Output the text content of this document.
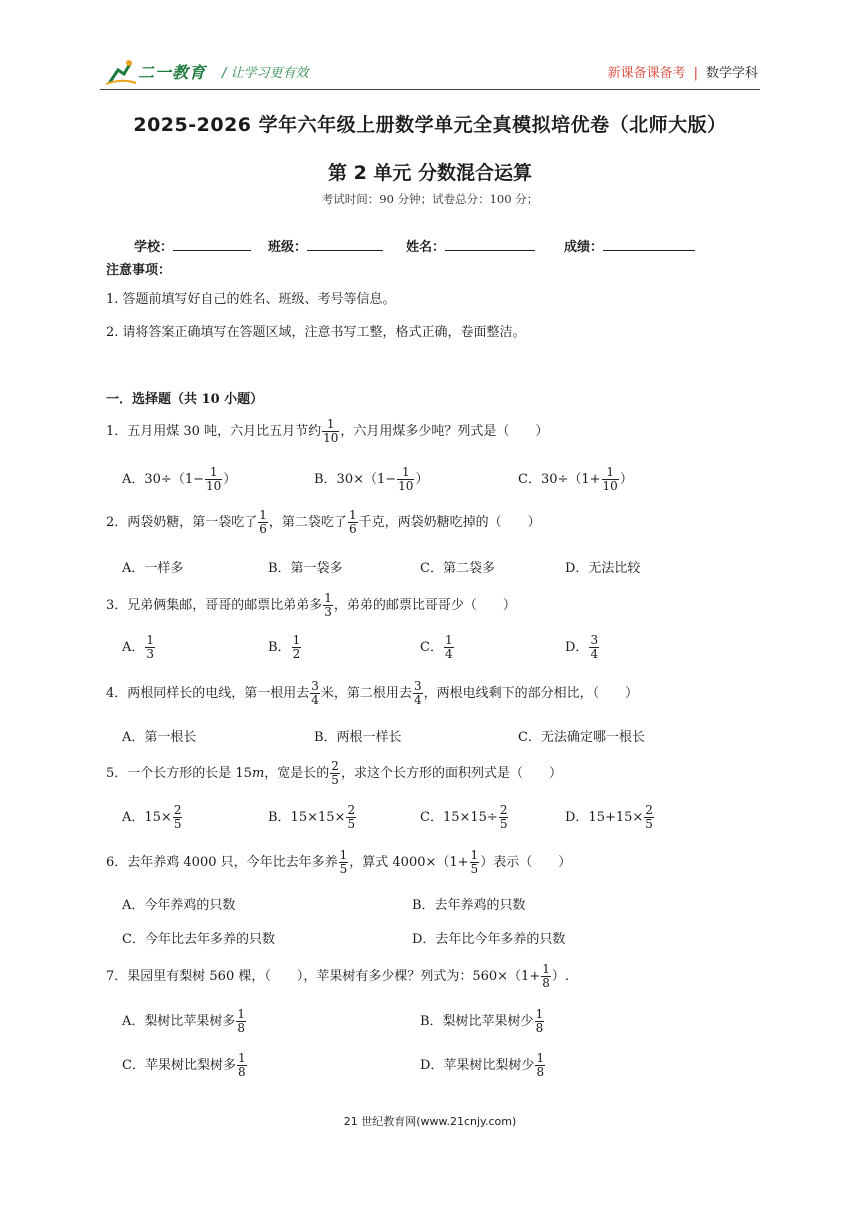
二一教育 / 让学习更有效	新课备课备考 | 数学学科
2025-2026 学年六年级上册数学单元全真模拟培优卷（北师大版）
第 2 单元 分数混合运算
考试时间：90 分钟；试卷总分：100 分；
学校：	班级：	姓名：	成绩：
注意事项：
1. 答题前填写好自己的姓名、班级、考号等信息。
2. 请将答案正确填写在答题区域，注意书写工整，格式正确，卷面整洁。
一．选择题（共 10 小题）
1．五月用煤 30 吨，六月比五月节约 $\frac{1}{10}$ ，六月用煤多少吨？列式是（　　）
A．$30\div(1- \frac{1}{10}$ ）	B．$30\times(1- \frac{1}{10}$ ）	C．$30\div(1+ \frac{1}{10}$ ）
2．两袋奶糖，第一袋吃了 $\frac{1}{6}$ ，第二袋吃了 $\frac{1}{6}$ 千克，两袋奶糖吃掉的（　　）
A．一样多	B．第一袋多	C．第二袋多	D．无法比较
3．兄弟俩集邮，哥哥的邮票比弟弟多 $\frac{1}{3}$ ，弟弟的邮票比哥哥少（　　）
A． $\frac{1}{3}$	B． $\frac{1}{2}$	C． $\frac{1}{4}$	D． $\frac{3}{4}$
4．两根同样长的电线，第一根用去 $\frac{3}{4}$ 米，第二根用去 $\frac{3}{4}$ ，两根电线剩下的部分相比，（　　）
A．第一根长	B．两根一样长	C．无法确定哪一根长
5．一个长方形的长是 15m，宽是长的 $\frac{2}{5}$ ，求这个长方形的面积列式是（　　）
A．$15\times \frac{2}{5}$	B．$15\times 15\times \frac{2}{5}$	C．$15\times 15\div \frac{2}{5}$	D．$15+15\times \frac{2}{5}$
6．去年养鸡 4000 只，今年比去年多养 $\frac{1}{5}$ ，算式 $4000\times(1+ \frac{1}{5}$ ）表示（　　）
A．今年养鸡的只数	B．去年养鸡的只数
C．今年比去年多养的只数	D．去年比今年多养的只数
7．果园里有梨树 560 棵，（　　），苹果树有多少棵？列式为：$560\times(1+ \frac{1}{8}$ ）.
A．梨树比苹果树多 $\frac{1}{8}$	B．梨树比苹果树少 $\frac{1}{8}$
C．苹果树比梨树多 $\frac{1}{8}$	D．苹果树比梨树少 $\frac{1}{8}$
21 世纪教育网(www.21cnjy.com)
